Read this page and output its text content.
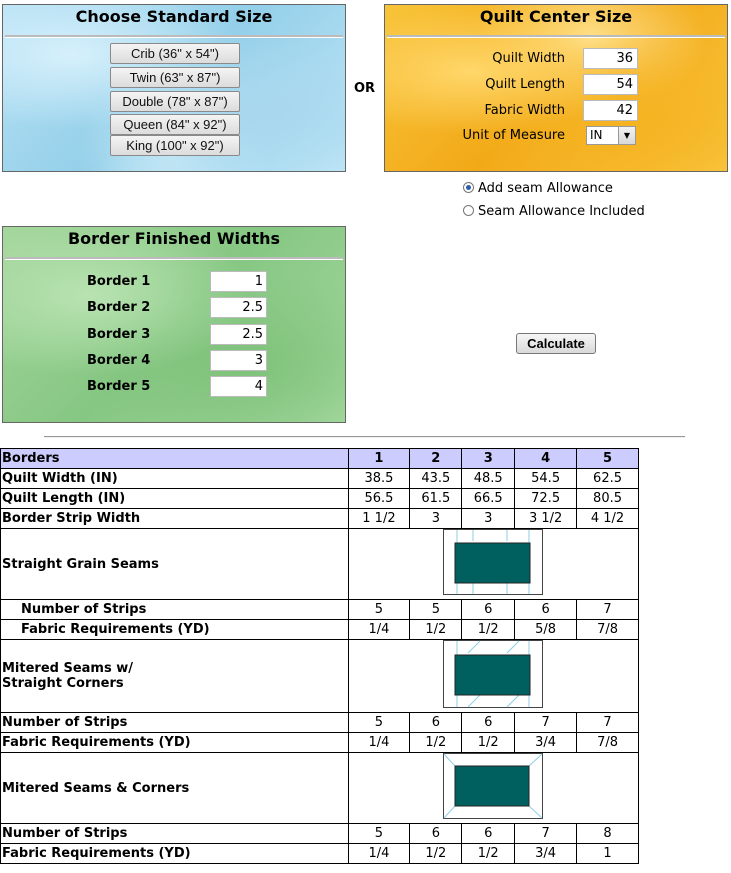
Choose Standard Size
Crib (36" x 54")
Twin (63" x 87")
Double (78" x 87")
Queen (84" x 92")
King (100" x 92")
OR
Quilt Center Size
Quilt Width	36
Quilt Length	54
Fabric Width	42
Unit of Measure	IN	▼
Add seam Allowance
Seam Allowance Included
Border Finished Widths
Border 1	1
Border 2	2.5
Border 3	2.5
Border 4	3
Border 5	4
Calculate
Borders	1	2	3	4	5
Quilt Width (IN)	38.5	43.5	48.5	54.5	62.5
Quilt Length (IN)	56.5	61.5	66.5	72.5	80.5
Border Strip Width	1 1/2	3	3	3 1/2	4 1/2
Straight Grain Seams	
Number of Strips	5	5	6	6	7
Fabric Requirements (YD)	1/4	1/2	1/2	5/8	7/8
Mitered Seams w/
Straight Corners	
Number of Strips	5	6	6	7	7
Fabric Requirements (YD)	1/4	1/2	1/2	3/4	7/8
Mitered Seams & Corners	
Number of Strips	5	6	6	7	8
Fabric Requirements (YD)	1/4	1/2	1/2	3/4	1
